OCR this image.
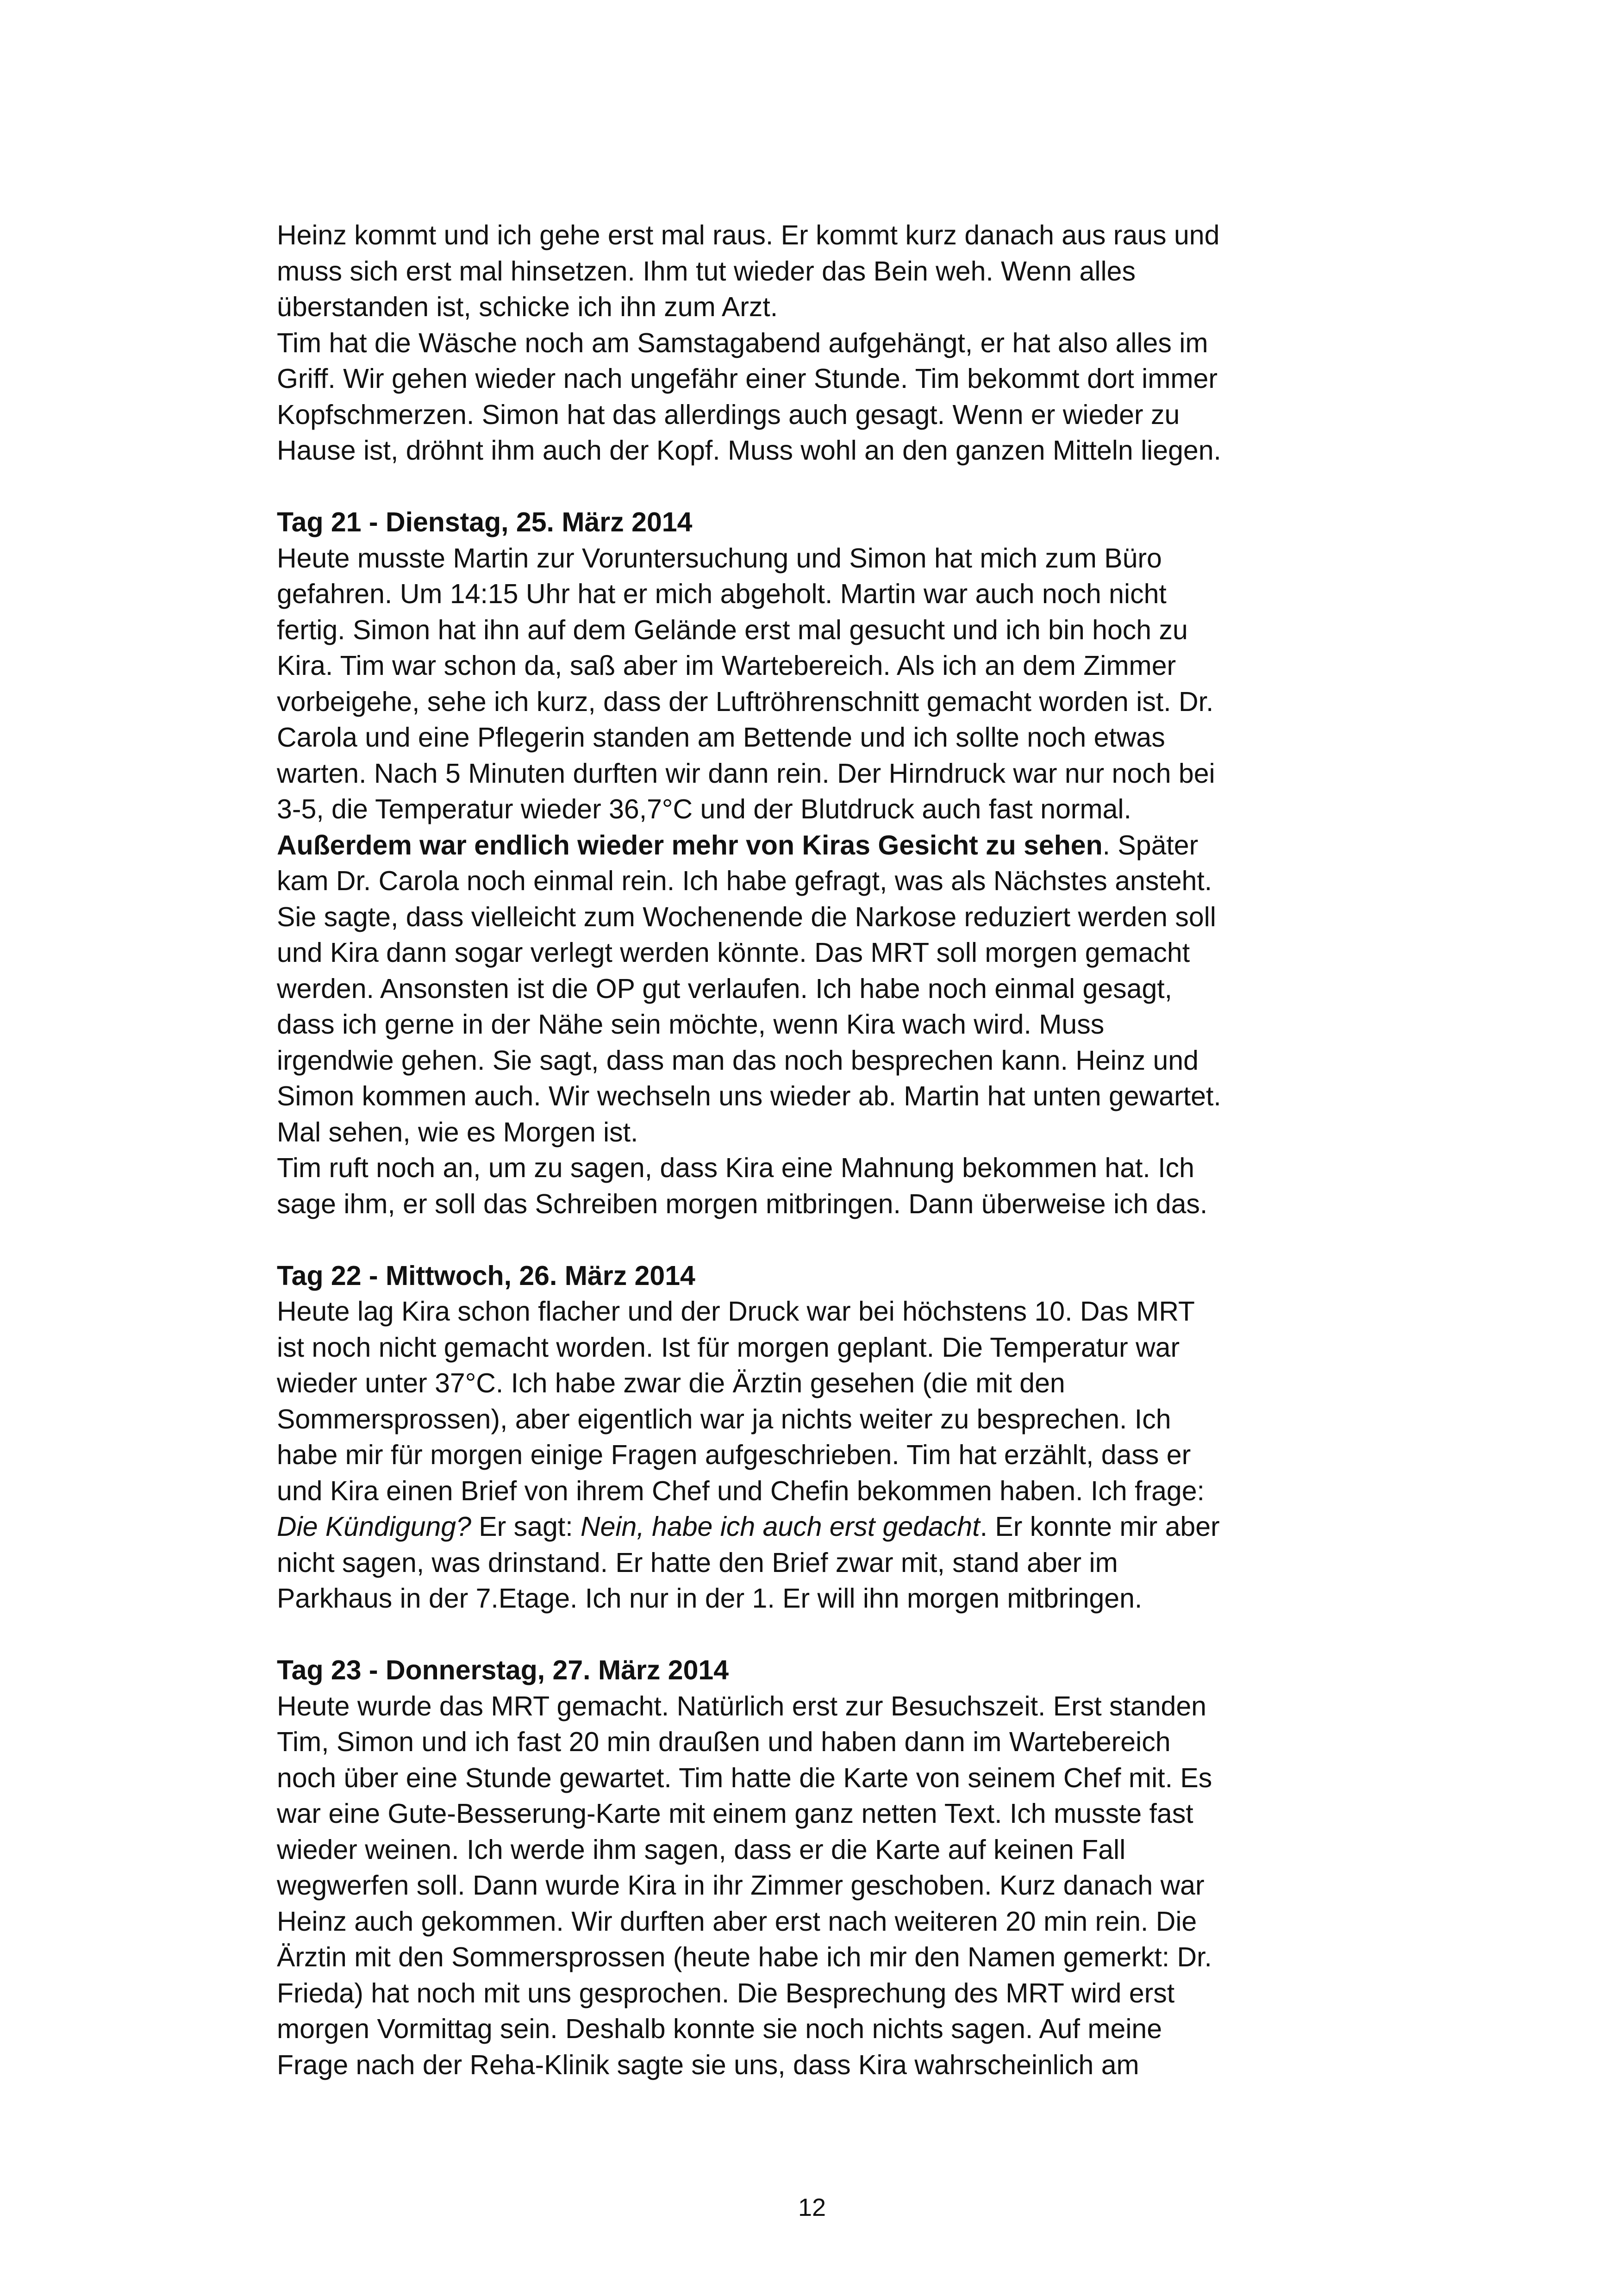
Heinz kommt und ich gehe erst mal raus. Er kommt kurz danach aus raus und
muss sich erst mal hinsetzen. Ihm tut wieder das Bein weh. Wenn alles
überstanden ist, schicke ich ihn zum Arzt.

Tim hat die Wäsche noch am Samstagabend aufgehängt, er hat also alles im
Griff. Wir gehen wieder nach ungefähr einer Stunde. Tim bekommt dort immer
Kopfschmerzen. Simon hat das allerdings auch gesagt. Wenn er wieder zu
Hause ist, dröhnt ihm auch der Kopf. Muss wohl an den ganzen Mitteln liegen.

Tag 21 - Dienstag, 25. März 2014

Heute musste Martin zur Voruntersuchung und Simon hat mich zum Büro
gefahren. Um 14:15 Uhr hat er mich abgeholt. Martin war auch noch nicht
fertig. Simon hat ihn auf dem Gelände erst mal gesucht und ich bin hoch zu
Kira. Tim war schon da, saß aber im Wartebereich. Als ich an dem Zimmer
vorbeigehe, sehe ich kurz, dass der Luftröhrenschnitt gemacht worden ist. Dr.
Carola und eine Pflegerin standen am Bettende und ich sollte noch etwas
warten. Nach 5 Minuten durften wir dann rein. Der Hirndruck war nur noch bei
3-5, die Temperatur wieder 36,7°C und der Blutdruck auch fast normal.
Außerdem war endlich wieder mehr von Kiras Gesicht zu sehen. Später
kam Dr. Carola noch einmal rein. Ich habe gefragt, was als Nächstes ansteht.
Sie sagte, dass vielleicht zum Wochenende die Narkose reduziert werden soll
und Kira dann sogar verlegt werden könnte. Das MRT soll morgen gemacht
werden. Ansonsten ist die OP gut verlaufen. Ich habe noch einmal gesagt,
dass ich gerne in der Nähe sein möchte, wenn Kira wach wird. Muss
irgendwie gehen. Sie sagt, dass man das noch besprechen kann. Heinz und
Simon kommen auch. Wir wechseln uns wieder ab. Martin hat unten gewartet.
Mal sehen, wie es Morgen ist.

Tim ruft noch an, um zu sagen, dass Kira eine Mahnung bekommen hat. Ich
sage ihm, er soll das Schreiben morgen mitbringen. Dann überweise ich das.

Tag 22 - Mittwoch, 26. März 2014

Heute lag Kira schon flacher und der Druck war bei höchstens 10. Das MRT
ist noch nicht gemacht worden. Ist für morgen geplant. Die Temperatur war
wieder unter 37°C. Ich habe zwar die Ärztin gesehen (die mit den
Sommersprossen), aber eigentlich war ja nichts weiter zu besprechen. Ich
habe mir für morgen einige Fragen aufgeschrieben. Tim hat erzählt, dass er
und Kira einen Brief von ihrem Chef und Chefin bekommen haben. Ich frage:
Die Kündigung? Er sagt: Nein, habe ich auch erst gedacht. Er konnte mir aber
nicht sagen, was drinstand. Er hatte den Brief zwar mit, stand aber im
Parkhaus in der 7.Etage. Ich nur in der 1. Er will ihn morgen mitbringen.

Tag 23 - Donnerstag, 27. März 2014

Heute wurde das MRT gemacht. Natürlich erst zur Besuchszeit. Erst standen
Tim, Simon und ich fast 20 min draußen und haben dann im Wartebereich
noch über eine Stunde gewartet. Tim hatte die Karte von seinem Chef mit. Es
war eine Gute-Besserung-Karte mit einem ganz netten Text. Ich musste fast
wieder weinen. Ich werde ihm sagen, dass er die Karte auf keinen Fall
wegwerfen soll. Dann wurde Kira in ihr Zimmer geschoben. Kurz danach war
Heinz auch gekommen. Wir durften aber erst nach weiteren 20 min rein. Die
Ärztin mit den Sommersprossen (heute habe ich mir den Namen gemerkt: Dr.
Frieda) hat noch mit uns gesprochen. Die Besprechung des MRT wird erst
morgen Vormittag sein. Deshalb konnte sie noch nichts sagen. Auf meine
Frage nach der Reha-Klinik sagte sie uns, dass Kira wahrscheinlich am

12
